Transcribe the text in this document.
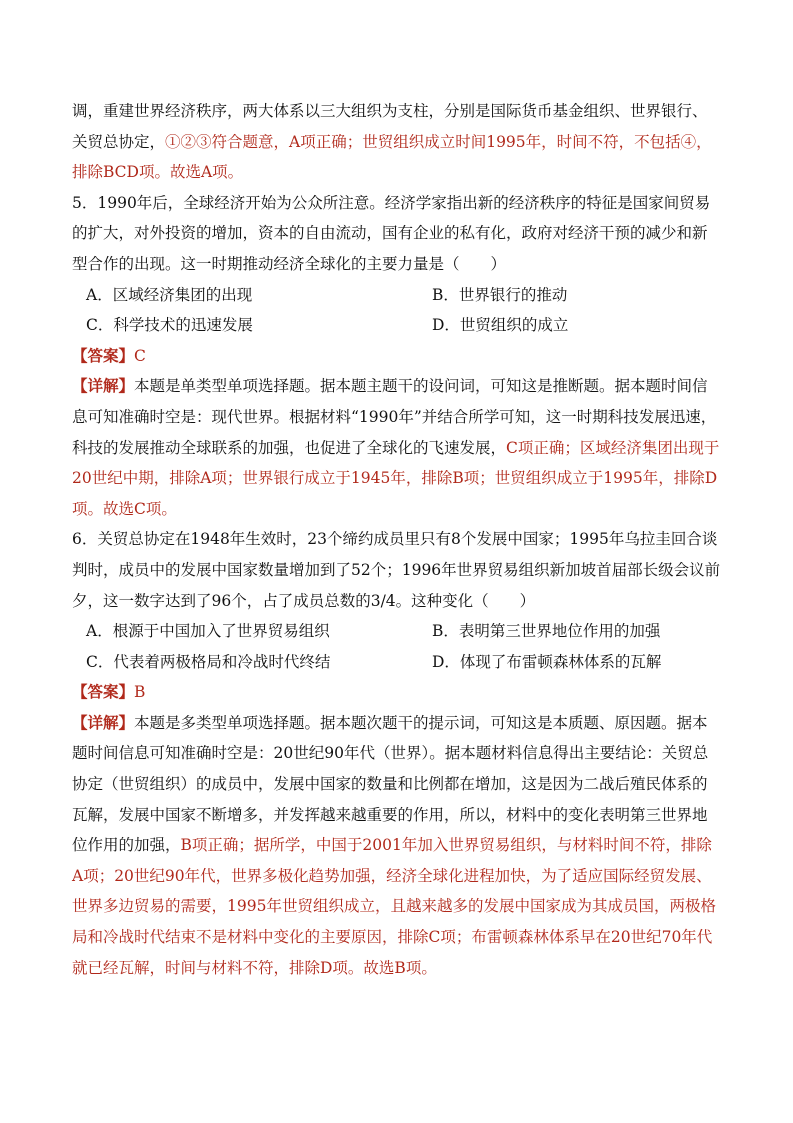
调，重建世界经济秩序，两大体系以三大组织为支柱，分别是国际货币基金组织、世界银行、关贸总协定，①②③符合题意，A项正确；世贸组织成立时间1995年，时间不符，不包括④，排除BCD项。故选A项。

5．1990年后，全球经济开始为公众所注意。经济学家指出新的经济秩序的特征是国家间贸易的扩大，对外投资的增加，资本的自由流动，国有企业的私有化，政府对经济干预的减少和新型合作的出现。这一时期推动经济全球化的主要力量是（　　）

A．区域经济集团的出现	B．世界银行的推动
C．科学技术的迅速发展	D．世贸组织的成立

【答案】C

【详解】本题是单类型单项选择题。据本题主题干的设问词，可知这是推断题。据本题时间信息可知准确时空是：现代世界。根据材料“1990年”并结合所学可知，这一时期科技发展迅速，科技的发展推动全球联系的加强，也促进了全球化的飞速发展，C项正确；区域经济集团出现于20世纪中期，排除A项；世界银行成立于1945年，排除B项；世贸组织成立于1995年，排除D项。故选C项。

6．关贸总协定在1948年生效时，23个缔约成员里只有8个发展中国家；1995年乌拉圭回合谈判时，成员中的发展中国家数量增加到了52个；1996年世界贸易组织新加坡首届部长级会议前夕，这一数字达到了96个，占了成员总数的3/4。这种变化（　　）

A．根源于中国加入了世界贸易组织	B．表明第三世界地位作用的加强
C．代表着两极格局和冷战时代终结	D．体现了布雷顿森林体系的瓦解

【答案】B

【详解】本题是多类型单项选择题。据本题次题干的提示词，可知这是本质题、原因题。据本题时间信息可知准确时空是：20世纪90年代（世界）。据本题材料信息得出主要结论：关贸总协定（世贸组织）的成员中，发展中国家的数量和比例都在增加，这是因为二战后殖民体系的瓦解，发展中国家不断增多，并发挥越来越重要的作用，所以，材料中的变化表明第三世界地位作用的加强，B项正确；据所学，中国于2001年加入世界贸易组织，与材料时间不符，排除A项；20世纪90年代，世界多极化趋势加强，经济全球化进程加快，为了适应国际经贸发展、世界多边贸易的需要，1995年世贸组织成立，且越来越多的发展中国家成为其成员国，两极格局和冷战时代结束不是材料中变化的主要原因，排除C项；布雷顿森林体系早在20世纪70年代就已经瓦解，时间与材料不符，排除D项。故选B项。
